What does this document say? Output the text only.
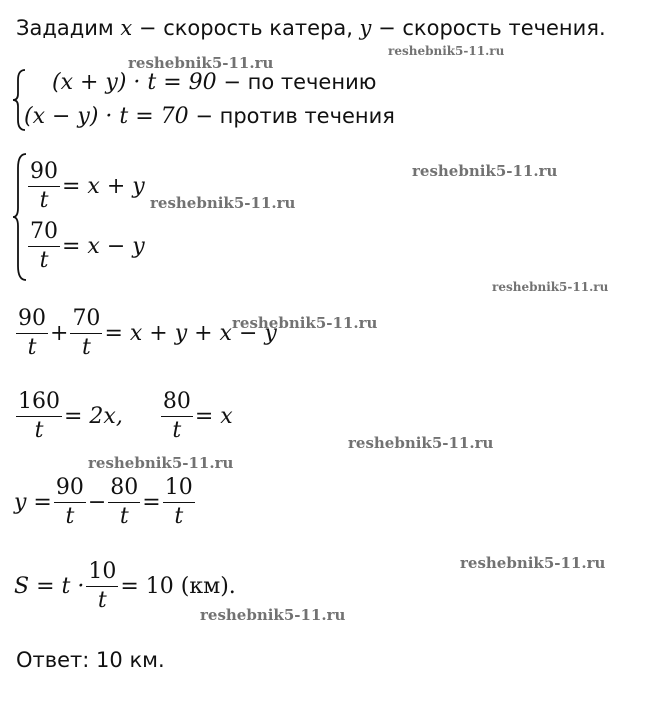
Зададим x − скорость катера, y − скорость течения.
(x + y) · t = 90 − по течению
(x − y) · t = 70 − против течения
$\frac{90}{t} = x + y$
$\frac{70}{t} = x - y$
$\frac{90}{t} + \frac{70}{t} = x + y + x - y$
$\frac{160}{t} = 2x$, $\frac{80}{t} = x$
$y = \frac{90}{t} - \frac{80}{t} = \frac{10}{t}$
$S = t \cdot \frac{10}{t} = 10$ (км).
Ответ: 10 км.
reshebnik5-11.ru
reshebnik5-11.ru
reshebnik5-11.ru
reshebnik5-11.ru
reshebnik5-11.ru
reshebnik5-11.ru
reshebnik5-11.ru
reshebnik5-11.ru
reshebnik5-11.ru
reshebnik5-11.ru
